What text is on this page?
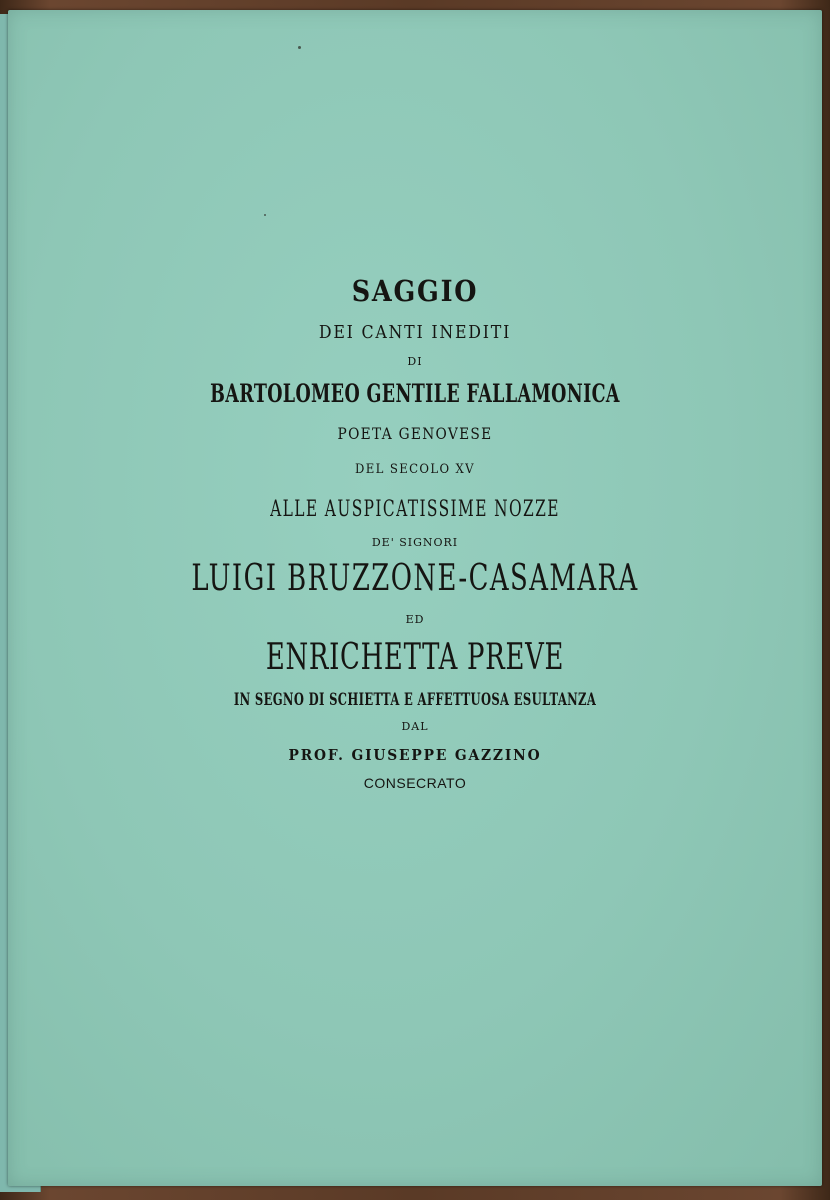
SAGGIO
DEI CANTI INEDITI
DI
BARTOLOMEO GENTILE FALLAMONICA
POETA GENOVESE
DEL SECOLO XV
ALLE AUSPICATISSIME NOZZE
DE' SIGNORI
LUIGI BRUZZONE-CASAMARA
ED
ENRICHETTA PREVE
IN SEGNO DI SCHIETTA E AFFETTUOSA ESULTANZA
DAL
PROF. GIUSEPPE GAZZINO
CONSECRATO
